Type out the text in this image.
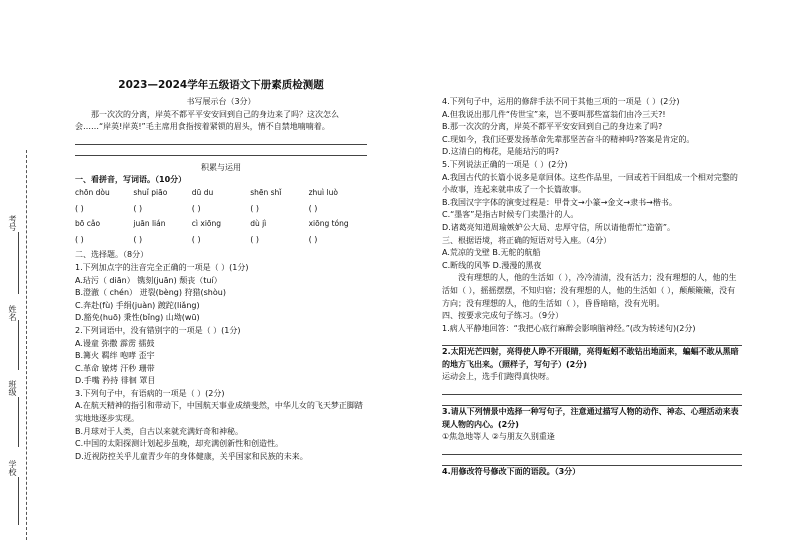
考号
姓名
班级
学校
2023—2024学年五级语文下册素质检测题
书写展示台（3分）
那一次次的分离，岸英不都平平安安回到自己的身边来了吗？这次怎么会……“岸英!岸英!”毛主席用食指按着紧锁的眉头，情不自禁地喃喃着。
积累与运用
一、看拼音，写词语。（10分）
chōn dòu	shuǐ piāo	dū du	shēn shǐ	zhuì luò
( )	( )	( )	( )	( )
bō cǎo	juān lián	cì xiōng	dù jì	xiōng tóng
( )	( )	( )	( )	( )
二、选择题。（8分）
1.下列加点字的注音完全正确的一项是（ ）(1分)
A.玷污（ diān） 镌刻(juān) 颓丧（tuí）
B.澄澈（ chén） 迸裂(bèng) 狩猎(shòu)
C.奔赴(fù) 手绢(juàn) 踱跎(liǎng)
D.豁免(huō) 秉性(bǐng) 山坳(wū)
2.下列词语中，没有错别字的一项是（ ）(1分)
A.谩童 弥撒 霹雳 擂鼓
B.篝火 羁绊 咆哮 歪宇
C.革命 镣烤 汗秒 珊带
D.手嘴 矜持 徘徊 罩目
3.下列句子中，有语病的一项是（ ）(2分)
A.在航天精神的指引和带动下，中国航天事业成绩斐然，中华儿女的飞天梦正脚踏实地地逐步实现。
B.月球对于人类，自古以来就充满好奇和神秘。
C.中国的太阳探测计划起步虽晚，却充满创新性和创造性。
D.近视防控关乎儿童青少年的身体健康，关乎国家和民族的未来。
4.下列句子中，运用的修辞手法不同于其他三项的一项是（ ）(2分)
A.但我说出那几件“传世宝”来，岂不要叫那些富翁们由冷三天?!
B.那一次次的分离，岸英不都平平安安回到自己的身边来了吗?
C.现如今，我们还要发扬革命先辈那坚苦奋斗的精神吗?答案是肯定的。
D.这清白的梅花，是能玷污的吗?
5.下列说法正确的一项是（ ）(2分)
A.我国古代的长篇小说多是章回体。这些作品里，一回或若干回组成一个相对完整的小故事，连起来就串成了一个长篇故事。
B.我国汉字字体的演变过程是：甲骨文→小篆→金文→隶书→楷书。
C.“墨客”是指古时候专门卖墨汁的人。
D.诸葛亮知道周瑜嫉妒公大局、忠厚守信，所以请他帮忙“造箭”。
三、根据语境，将正确的短语对号入座。（4分）
A.荒凉的戈壁 B.无舵的航船
C.断线的风筝 D.漫漫的黑夜
没有理想的人，他的生活如（ ），冷冷清清，没有活力；没有理想的人，他的生活如（ ），摇摇摆摆，不知归宿；没有理想的人，他的生活如（ ），颠颠簸簸，没有方向；没有理想的人，他的生活如（ ），昏昏暗暗，没有光明。
四、按要求完成句子练习。（9分）
1.病人平静地回答：“我把心底行麻醉会影响脑神经。”(改为转述句)(2分)
2.太阳光芒四射，亮得使人睁不开眼睛，亮得蚯蚓不敢钻出地面来，蝙蝠不敢从黑暗的地方飞出来。（照样子，写句子）(2分)
运动会上，选手们跑得真快呀。
3.请从下列情景中选择一种写句子，注意通过描写人物的动作、神态、心理活动来表现人物的内心。(2分)
①焦急地等人 ②与朋友久别重逢
4.用修改符号修改下面的语段。（3分）
